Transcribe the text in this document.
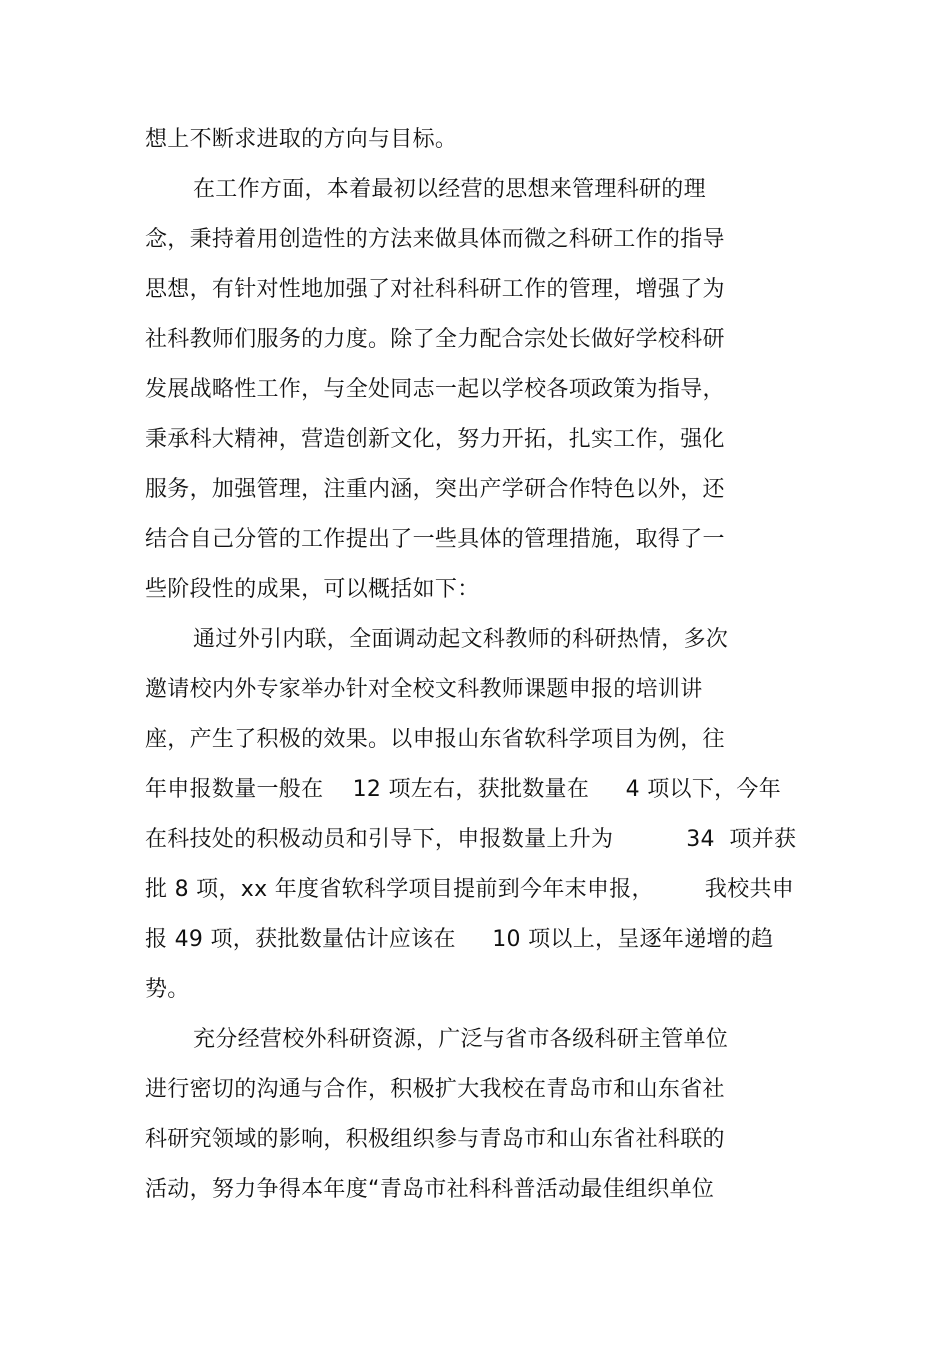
想上不断求进取的方向与目标。
在工作方面，本着最初以经营的思想来管理科研的理
念，秉持着用创造性的方法来做具体而微之科研工作的指导
思想，有针对性地加强了对社科科研工作的管理，增强了为
社科教师们服务的力度。除了全力配合宗处长做好学校科研
发展战略性工作，与全处同志一起以学校各项政策为指导，
秉承科大精神，营造创新文化，努力开拓，扎实工作，强化
服务，加强管理，注重内涵，突出产学研合作特色以外，还
结合自己分管的工作提出了一些具体的管理措施，取得了一
些阶段性的成果，可以概括如下：
通过外引内联，全面调动起文科教师的科研热情，多次
邀请校内外专家举办针对全校文科教师课题申报的培训讲
座，产生了积极的效果。以申报山东省软科学项目为例，往
年申报数量一般在    12 项左右，获批数量在     4 项以下，今年
在科技处的积极动员和引导下，申报数量上升为          34  项并获
批 8 项，xx 年度省软科学项目提前到今年末申报，       我校共申
报 49 项，获批数量估计应该在     10 项以上，呈逐年递增的趋
势。
充分经营校外科研资源，广泛与省市各级科研主管单位
进行密切的沟通与合作，积极扩大我校在青岛市和山东省社
科研究领域的影响，积极组织参与青岛市和山东省社科联的
活动，努力争得本年度“青岛市社科科普活动最佳组织单位
